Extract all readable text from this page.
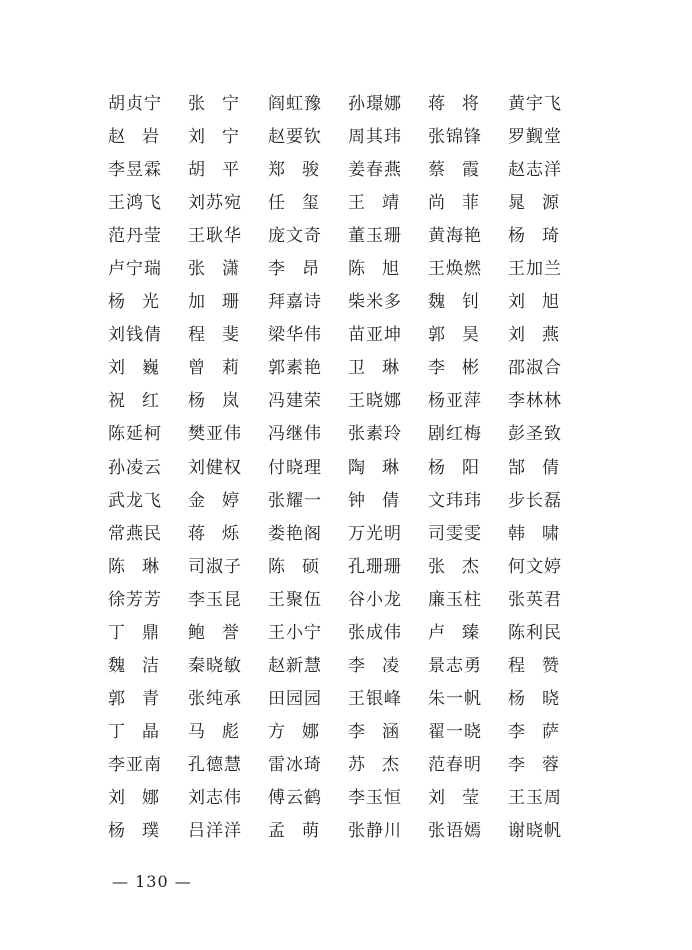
胡贞宁	张　宁 阎虹豫	孙璟娜	蒋　将 黄宇飞
赵　岩 刘　宁 赵要钦	周其玮	张锦锋	罗觐堂
李昱霖	胡　平 郑　骏 姜春燕	蔡　霞 赵志洋
王鸿飞	刘苏宛	任　玺 王　靖 尚　菲 晁　源
范丹莹	王耿华	庞文奇	董玉珊	黄海艳	杨　琦
卢宁瑞	张　潇 李　昂 陈　旭 王焕燃	王加兰
杨　光 加　珊 拜嘉诗	柴米多	魏　钊 刘　旭
刘钱倩	程　斐 梁华伟	苗亚坤	郭　昊 刘　燕
刘　巍 曾　莉 郭素艳	卫　琳 李　彬 邵淑合
祝　红 杨　岚 冯建荣	王晓娜	杨亚萍	李林林
陈延柯	樊亚伟	冯继伟	张素玲	剧红梅	彭圣致
孙凌云	刘健权	付晓理	陶　琳 杨　阳 郜　倩
武龙飞	金　婷 张耀一	钟　倩 文玮玮	步长磊
常燕民	蒋　烁 娄艳阁	万光明	司雯雯	韩　啸
陈　琳 司淑子	陈　硕 孔珊珊	张　杰 何文婷
徐芳芳	李玉昆	王聚伍	谷小龙	廉玉柱	张英君
丁　鼎 鲍　誉 王小宁	张成伟	卢　臻 陈利民
魏　洁 秦晓敏	赵新慧	李　凌 景志勇	程　赞
郭　青 张纯承	田园园	王银峰	朱一帆	杨　晓
丁　晶 马　彪 方　娜 李　涵 翟一晓	李　萨
李亚南	孔德慧	雷冰琦	苏　杰 范春明	李　蓉
刘　娜 刘志伟	傅云鹤	李玉恒	刘　莹 王玉周
杨　璞 吕洋洋	孟　萌 张静川	张语嫣	谢晓帆
— 130 —
